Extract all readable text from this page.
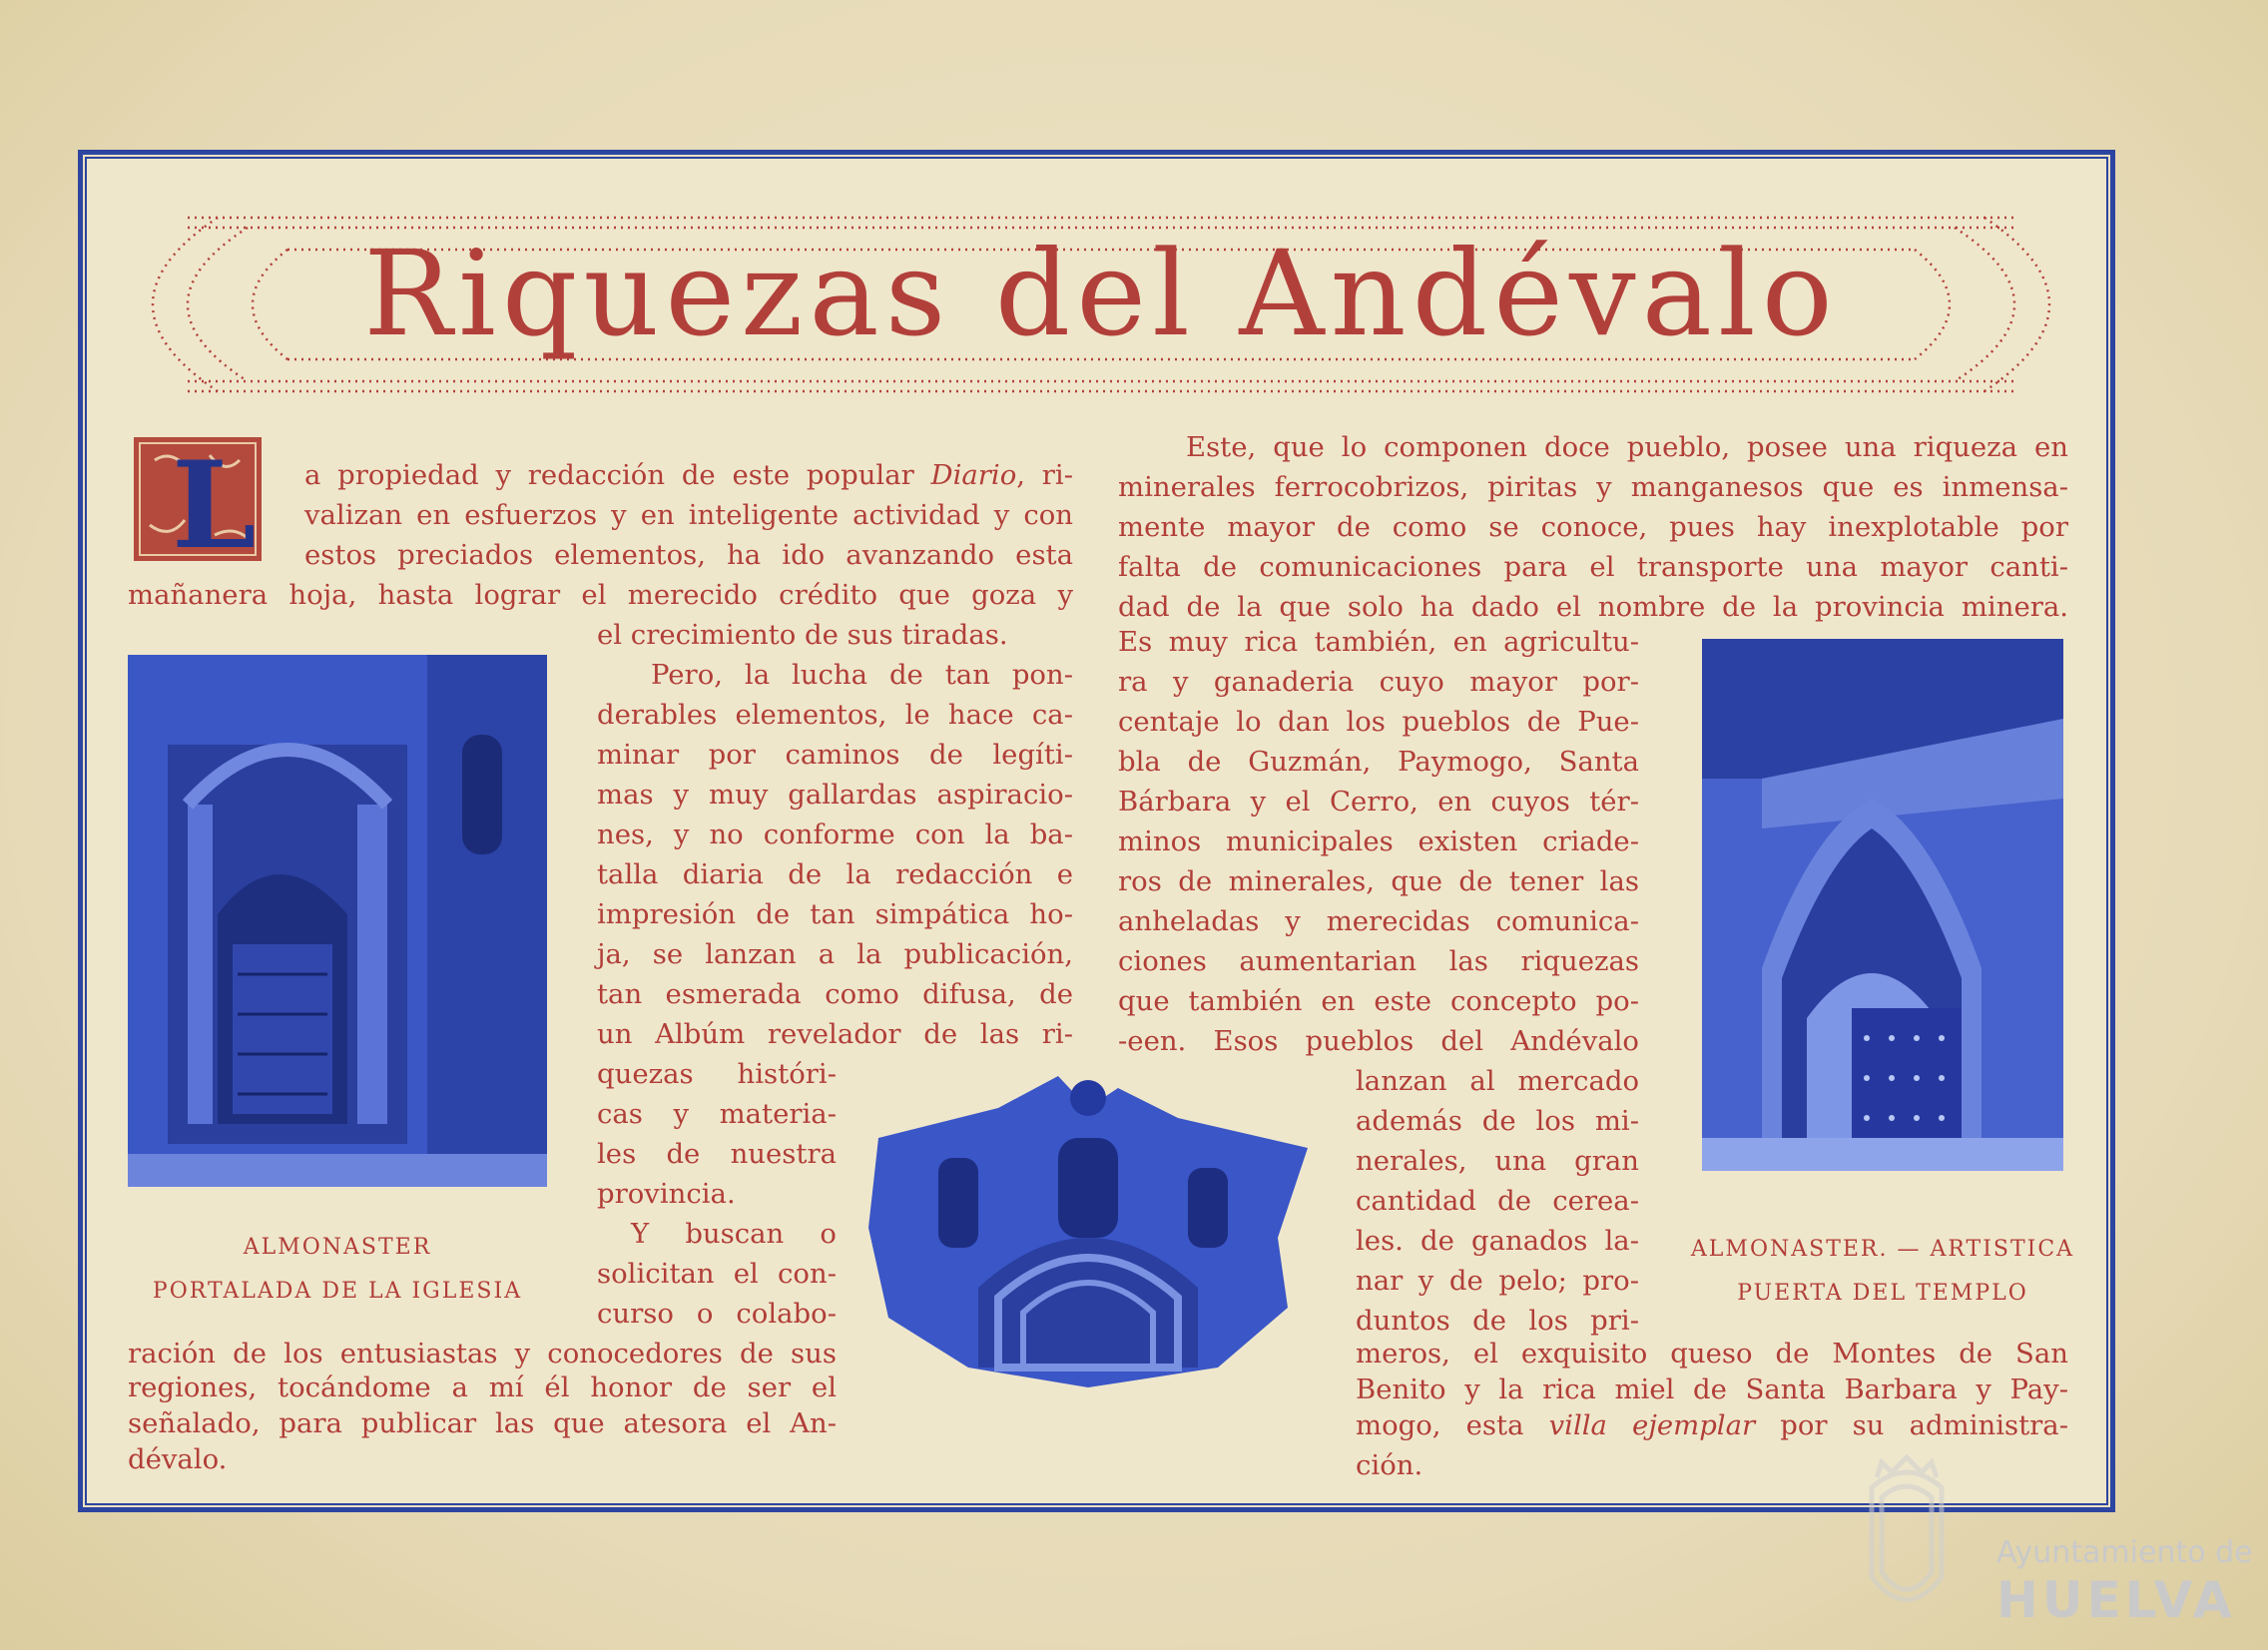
Riquezas del Andévalo
L a propiedad y redacción de este popular Diario, ri-
valizan en esfuerzos y en inteligente actividad y con
estos preciados elementos, ha ido avanzando esta
mañanera hoja, hasta lograr el merecido crédito que goza y
el crecimiento de sus tiradas.
Pero, la lucha de tan pon-
derables elementos, le hace ca-
minar por caminos de legíti-
mas y muy gallardas aspiracio-
nes, y no conforme con la ba-
talla diaria de la redacción e
impresión de tan simpática ho-
ja, se lanzan a la publicación,
tan esmerada como difusa, de
un Albúm revelador de las ri-
quezas históri-
cas y materia-
les de nuestra
provincia.
Y buscan o
solicitan el con-
curso o colabo-
ALMONASTER
PORTALADA DE LA IGLESIA
ración de los entusiastas y conocedores de sus
regiones, tocándome a mí él honor de ser el
señalado, para publicar las que atesora el An-
dévalo.
Este, que lo componen doce pueblo, posee una riqueza en
minerales ferrocobrizos, piritas y manganesos que es inmensa-
mente mayor de como se conoce, pues hay inexplotable por
falta de comunicaciones para el transporte una mayor canti-
dad de la que solo ha dado el nombre de la provincia minera.
Es muy rica también, en agricultu-
ra y ganaderia cuyo mayor por-
centaje lo dan los pueblos de Pue-
bla de Guzmán, Paymogo, Santa
Bárbara y el Cerro, en cuyos tér-
minos municipales existen criade-
ros de minerales, que de tener las
anheladas y merecidas comunica-
ciones aumentarian las riquezas
que también en este concepto po-
-een. Esos pueblos del Andévalo
lanzan al mercado
además de los mi-
nerales, una gran
cantidad de cerea-
les. de ganados la-
nar y de pelo; pro-
duntos de los pri-
ALMONASTER. — ARTISTICA
PUERTA DEL TEMPLO
meros, el exquisito queso de Montes de San
Benito y la rica miel de Santa Barbara y Pay-
mogo, esta villa ejemplar por su administra-
ción.
Ayuntamiento de
HUELVA
